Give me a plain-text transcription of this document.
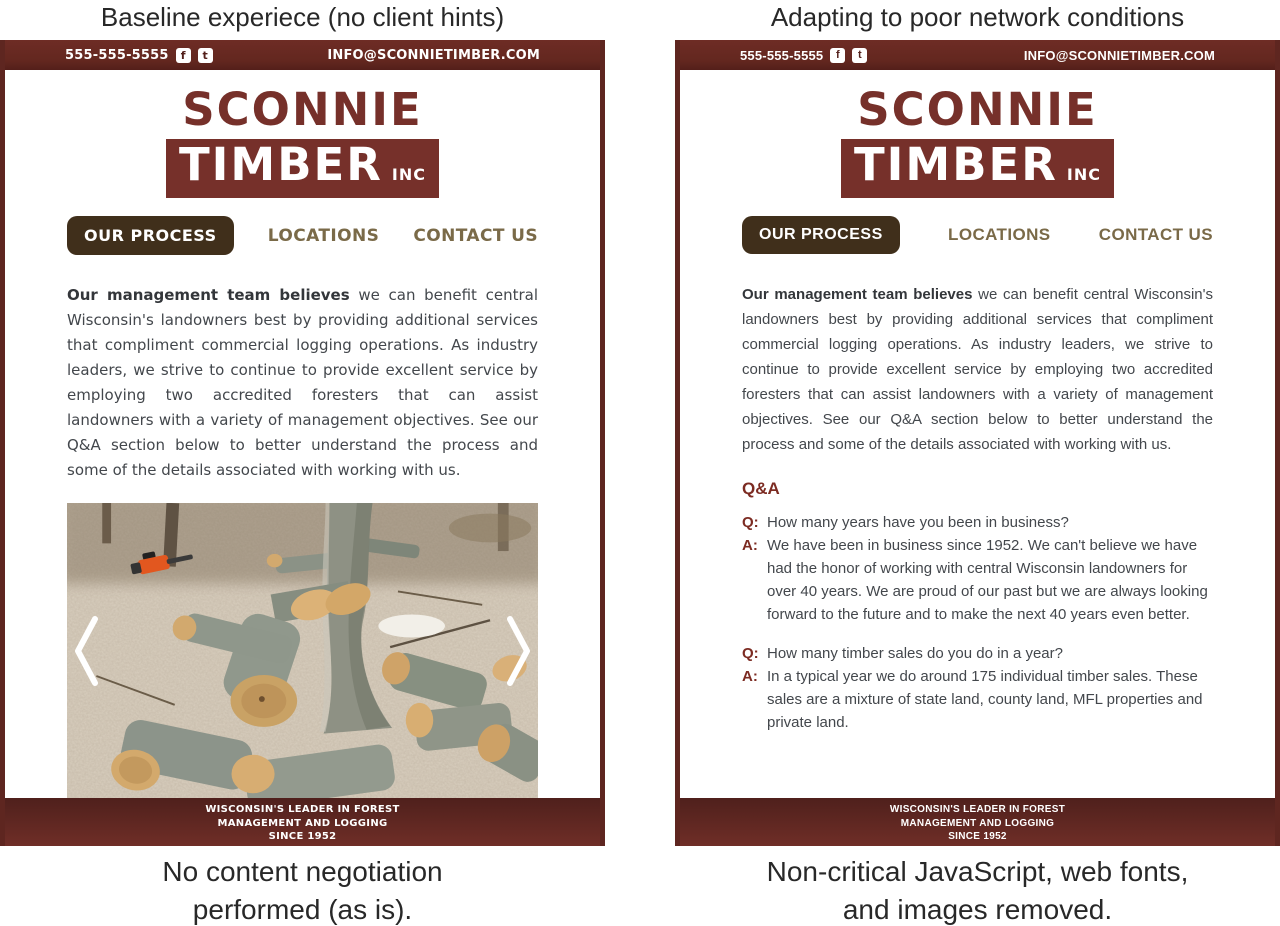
Baseline experiece (no client hints)	Adapting to poor network conditions
555-555-5555	f	t	INFO@SCONNIETIMBER.COM
SCONNIE
TIMBER INC
OUR PROCESS	LOCATIONS CONTACT US

Our management team believes we can benefit central Wisconsin's landowners best by providing additional services that compliment commercial logging operations. As industry leaders, we strive to continue to provide excellent service by employing two accredited foresters that can assist landowners with a variety of management objectives. See our Q&A section below to better understand the process and some of the details associated with working with us.

WISCONSIN'S LEADER IN FOREST
MANAGEMENT AND LOGGING
SINCE 1952
555-555-5555	f	t	INFO@SCONNIETIMBER.COM
SCONNIE
TIMBER INC
OUR PROCESS	LOCATIONS	CONTACT US

Our management team believes we can benefit central Wisconsin's landowners best by providing additional services that compliment commercial logging operations. As industry leaders, we strive to continue to provide excellent service by employing two accredited foresters that can assist landowners with a variety of management objectives. See our Q&A section below to better understand the process and some of the details associated with working with us.

Q&A
Q: How many years have you been in business?
A: We have been in business since 1952. We can't believe we have had the honor of working with central Wisconsin landowners for over 40 years. We are proud of our past but we are always looking forward to the future and to make the next 40 years even better.
Q: How many timber sales do you do in a year?
A: In a typical year we do around 175 individual timber sales. These sales are a mixture of state land, county land, MFL properties and private land.
WISCONSIN'S LEADER IN FOREST
MANAGEMENT AND LOGGING
SINCE 1952
No content negotiation
performed (as is).
Non-critical JavaScript, web fonts,
and images removed.
